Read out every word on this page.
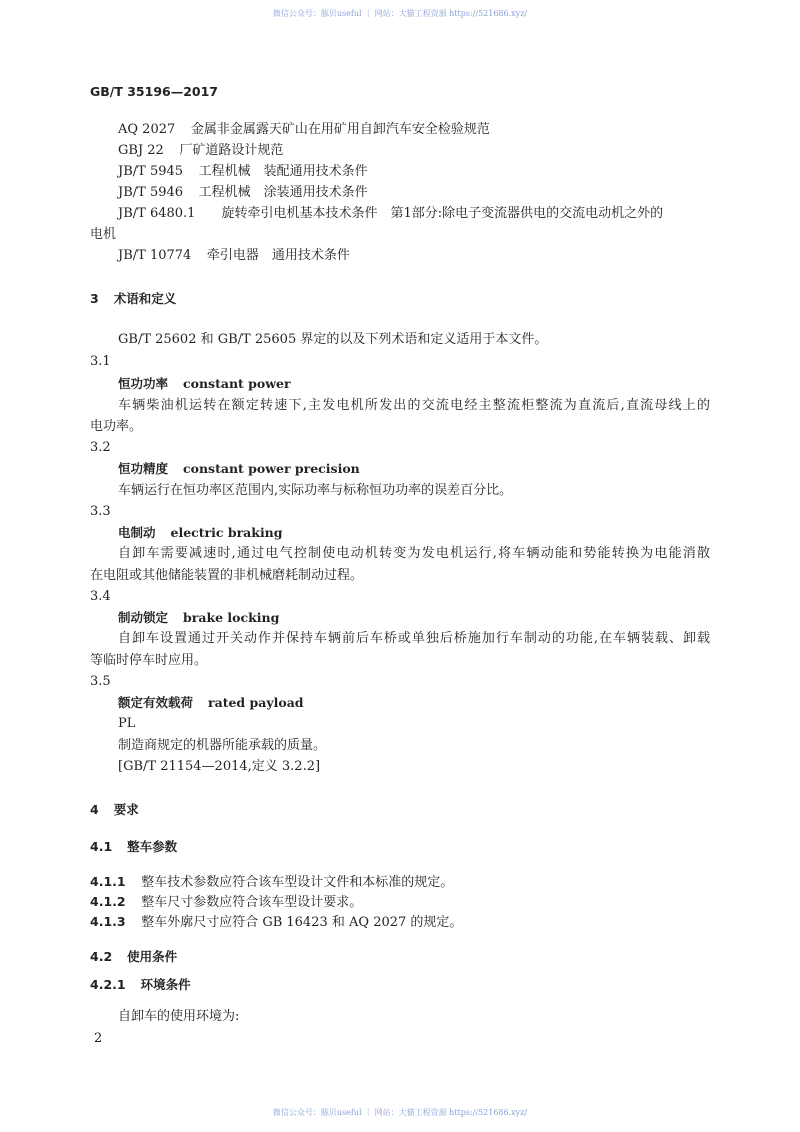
微信公众号：豚贝useful ｜ 网站：大猫工程资源 https://521686.xyz/
GB/T 35196—2017
AQ 2027 金属非金属露天矿山在用矿用自卸汽车安全检验规范
GBJ 22 厂矿道路设计规范
JB/T 5945 工程机械　装配通用技术条件
JB/T 5946 工程机械　涂装通用技术条件
JB/T 6480.1 旋转牵引电机基本技术条件　第1部分:除电子变流器供电的交流电动机之外的
电机
JB/T 10774 牵引电器　通用技术条件
3 术语和定义
GB/T 25602 和 GB/T 25605 界定的以及下列术语和定义适用于本文件。
3.1
恒功功率 constant power
车辆柴油机运转在额定转速下,主发电机所发出的交流电经主整流柜整流为直流后,直流母线上的
电功率。
3.2
恒功精度 constant power precision
车辆运行在恒功率区范围内,实际功率与标称恒功功率的误差百分比。
3.3
电制动 electric braking
自卸车需要减速时,通过电气控制使电动机转变为发电机运行,将车辆动能和势能转换为电能消散
在电阻或其他储能装置的非机械磨耗制动过程。
3.4
制动锁定 brake locking
自卸车设置通过开关动作并保持车辆前后车桥或单独后桥施加行车制动的功能,在车辆装载、卸载
等临时停车时应用。
3.5
额定有效载荷 rated payload
PL
制造商规定的机器所能承载的质量。
[GB/T 21154—2014,定义 3.2.2]
4 要求
4.1 整车参数
4.1.1 整车技术参数应符合该车型设计文件和本标准的规定。
4.1.2 整车尺寸参数应符合该车型设计要求。
4.1.3 整车外廓尺寸应符合 GB 16423 和 AQ 2027 的规定。
4.2 使用条件
4.2.1 环境条件
自卸车的使用环境为:
2
微信公众号：豚贝useful ｜ 网站：大猫工程资源 https://521686.xyz/
